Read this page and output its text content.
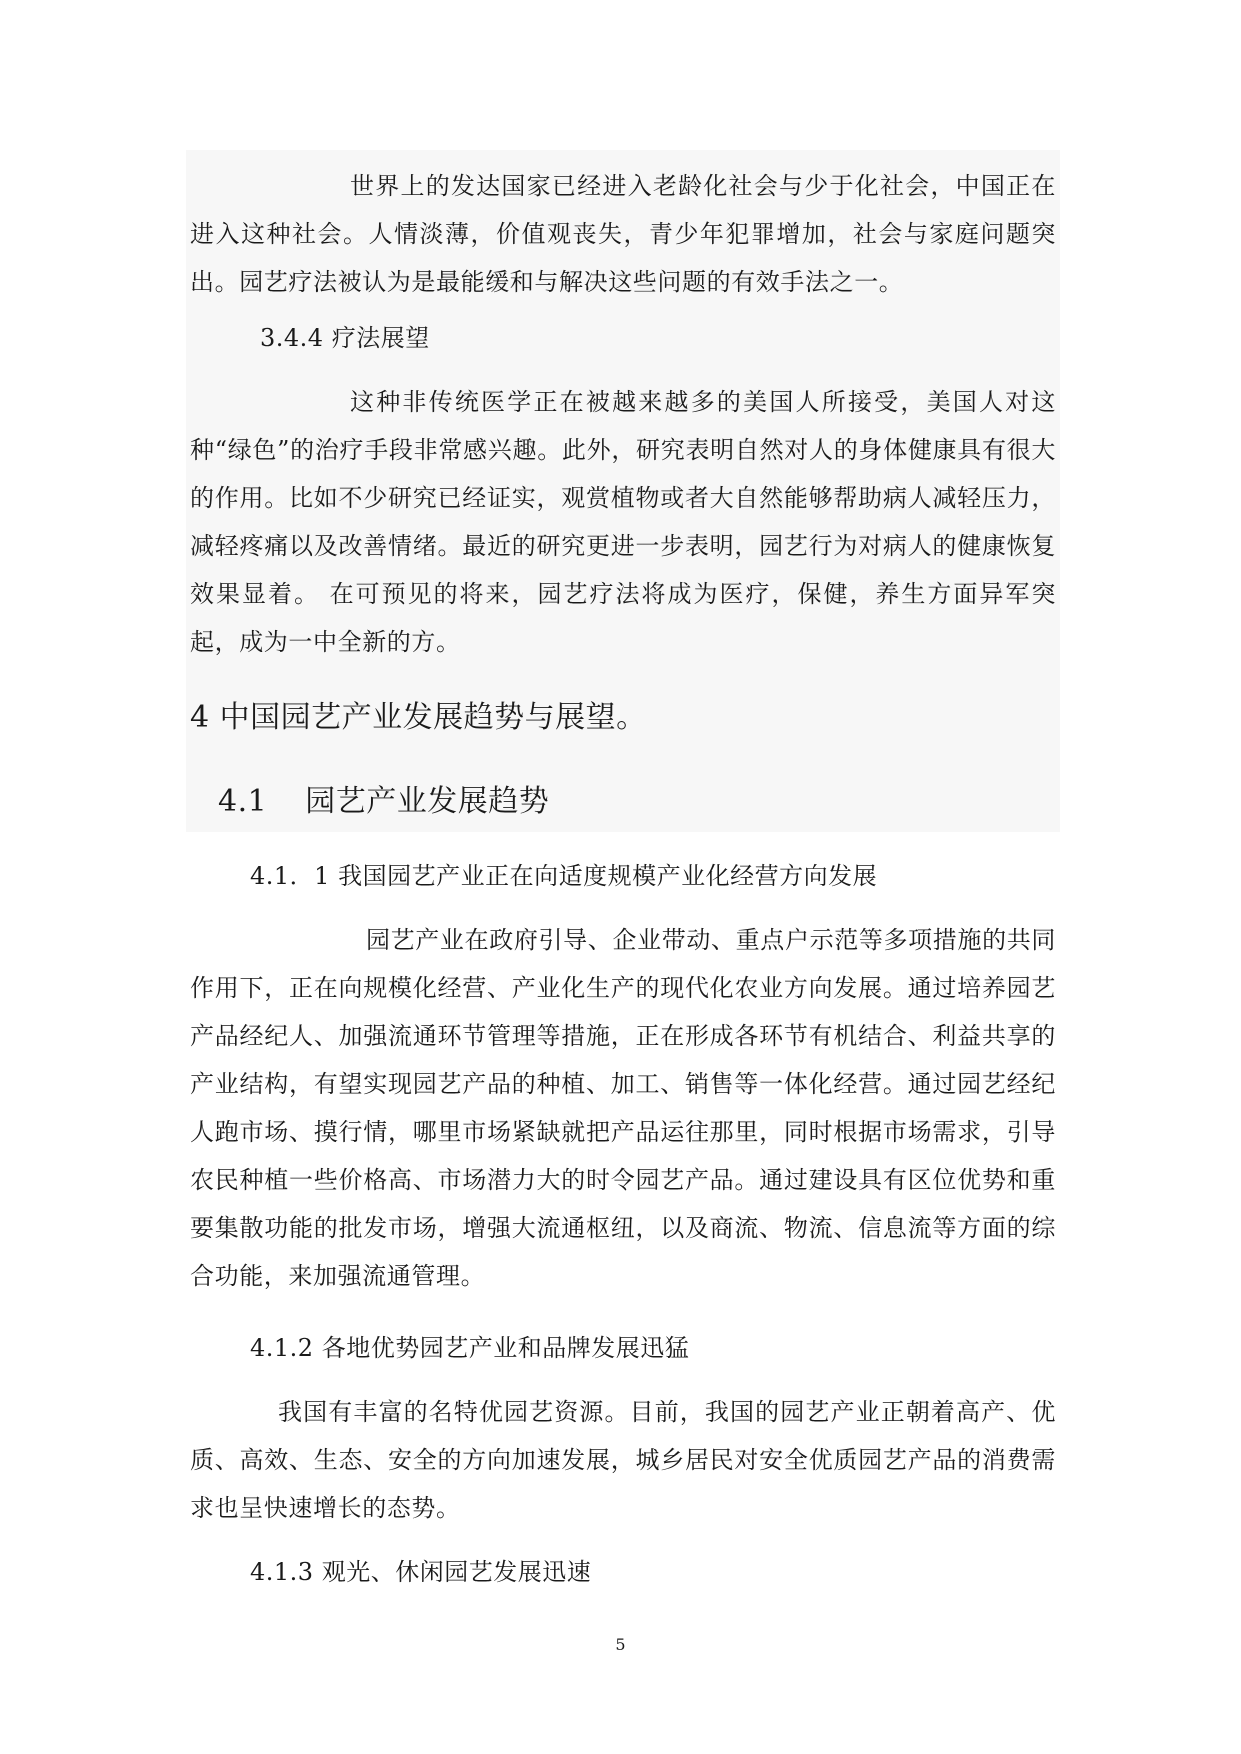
世界上的发达国家已经进入老龄化社会与少于化社会，中国正在进入这种社会。人情淡薄，价值观丧失，青少年犯罪增加，社会与家庭问题突出。园艺疗法被认为是最能缓和与解决这些问题的有效手法之一。

3.4.4 疗法展望

这种非传统医学正在被越来越多的美国人所接受，美国人对这种“绿色”的治疗手段非常感兴趣。此外，研究表明自然对人的身体健康具有很大的作用。比如不少研究已经证实，观赏植物或者大自然能够帮助病人减轻压力，减轻疼痛以及改善情绪。最近的研究更进一步表明，园艺行为对病人的健康恢复效果显着。 在可预见的将来，园艺疗法将成为医疗，保健，养生方面异军突起，成为一中全新的方。

4 中国园艺产业发展趋势与展望。

4.1 园艺产业发展趋势

4.1．1 我国园艺产业正在向适度规模产业化经营方向发展

园艺产业在政府引导、企业带动、重点户示范等多项措施的共同作用下，正在向规模化经营、产业化生产的现代化农业方向发展。通过培养园艺产品经纪人、加强流通环节管理等措施，正在形成各环节有机结合、利益共享的产业结构，有望实现园艺产品的种植、加工、销售等一体化经营。通过园艺经纪人跑市场、摸行情，哪里市场紧缺就把产品运往那里，同时根据市场需求，引导农民种植一些价格高、市场潜力大的时令园艺产品。通过建设具有区位优势和重要集散功能的批发市场，增强大流通枢纽，以及商流、物流、信息流等方面的综合功能，来加强流通管理。

4.1.2 各地优势园艺产业和品牌发展迅猛

我国有丰富的名特优园艺资源。目前，我国的园艺产业正朝着高产、优质、高效、生态、安全的方向加速发展，城乡居民对安全优质园艺产品的消费需求也呈快速增长的态势。

4.1.3 观光、休闲园艺发展迅速

5
